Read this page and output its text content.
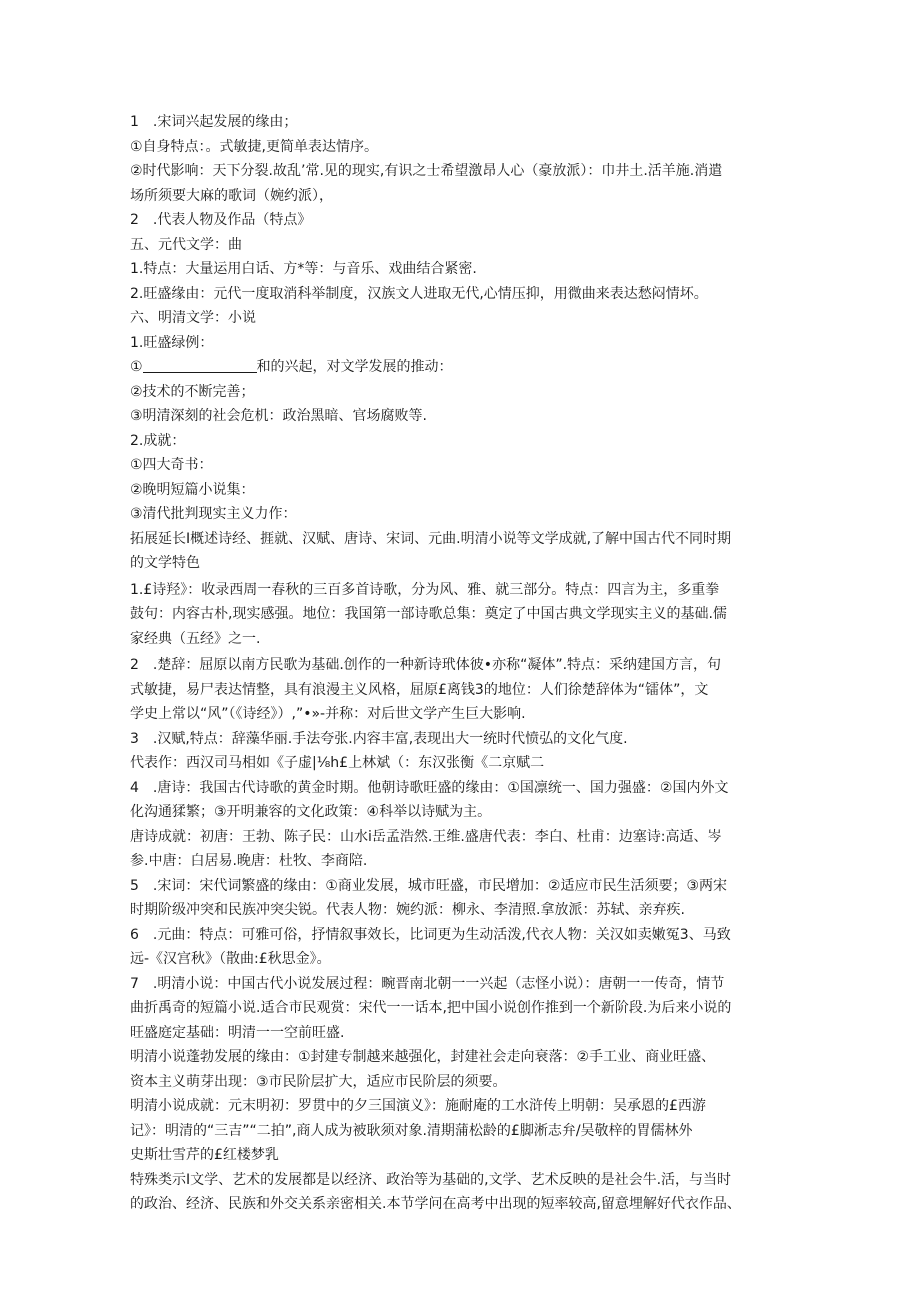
1　.宋词兴起发展的缘由；
①自身特点：。式敏捷,更简单表达情序。
②时代影响：天下分裂.故乱’常.见的现实,有识之士希望激昂人心（豪放派）：巾井土.活羊施.消遣
场所须要大麻的歌词（婉约派），
2　.代表人物及作品（特点》
五、元代文学：曲
1.特点：大量运用白话、方*等：与音乐、戏曲结合紧密.
2.旺盛缘由：元代一度取消科举制度，汉族文人进取无代,心情压抑，用微曲来表达愁闷情坏。
六、明清文学：小说
1.旺盛绿例：
①	和的兴起，对文学发展的推动：
②技术的不断完善；
③明清深刻的社会危机：政治黑暗、官场腐败等.
2.成就：
①四大奇书：
②晚明短篇小说集：
③清代批判现实主义力作：
拓展延长I概述诗经、捱就、汉赋、唐诗、宋词、元曲.明清小说等文学成就,了解中国古代不同时期
的文学特色
1.£诗羟》：收录西周一春秋的三百多首诗歌，分为风、雅、就三部分。特点：四言为主，多重拳
鼓句：内容古朴,现实感强。地位：我国第一部诗歌总集：奠定了中国古典文学现实主义的基础.儒
家经典（五经》之一.
2　.楚辞：屈原以南方民歌为基础.创作的一种新诗玳体彼•亦称“凝体”.特点：采纳建国方言，句
式敏捷，易尸表达情整，具有浪漫主义风格，屈原£离钱3的地位：人们徐楚辞体为“镭体”，文
学史上常以“风”（《诗经》）,”•»-并称：对后世文学产生巨大影响.
3　.汉赋,特点：辞藻华丽.手法夸张.内容丰富,表现出大一统时代愤弘的文化气度.
代表作：西汉司马相如《子虚|⅛h£上林斌（：东汉张衡《二京赋二
4　.唐诗：我国古代诗歌的黄金时期。他朝诗歌旺盛的缘由：①国凛统一、国力强盛：②国内外文
化沟通猱繁；③开明兼容的文化政策：④科举以诗赋为主。
唐诗成就：初唐：王勃、陈子民：山水i岳孟浩然.王维.盛唐代表：李白、杜甫：边塞诗:高适、岑
参.中唐：白居易.晚唐：杜牧、李商陪.
5　.宋词：宋代词繁盛的缘由：①商业发展，城市旺盛，市民增加：②适应市民生活须要；③两宋
时期阶级冲突和民族冲突尖锐。代表人物：婉约派：柳永、李清照.拿放派：苏轼、亲弃疾.
6　.元曲：特点：可雅可俗，抒情叙事效长，比词更为生动活泼,代衣人物：关汉如卖嫩冤3、马致
远-《汉宫秋》（散曲:£秋思金》。
7　.明清小说：中国古代小说发展过程：畹晋南北朝一一兴起（志怪小说）：唐朝一一传奇，情节
曲折禹奇的短篇小说.适合市民观赏：宋代一一话本,把中国小说创作推到一个新阶段.为后来小说的
旺盛庭定基础：明清一一空前旺盛.
明清小说蓬勃发展的缘由：①封建专制越来越强化，封建社会走向衰落：②手工业、商业旺盛、
资本主义萌芽出现：③市民阶层扩大，适应市民阶层的须要。
明清小说成就：元末明初：罗贯中的夕三国演义》：施耐庵的工水浒传上明朝：吴承恩的£西游
记》：明清的“三吉”“二拍”,商人成为被耿须对象.清期蒲松龄的£脚淅志弁/吴敬梓的胃儒林外
史斯壮雪芹的£红楼梦乳
特殊类示I文学、艺术的发展都是以经济、政治等为基础的,文学、艺术反映的是社会牛.活，与当时
的政治、经济、民族和外交关系亲密相关.本节学问在高考中出现的短率较高,留意埋解好代衣作品、
